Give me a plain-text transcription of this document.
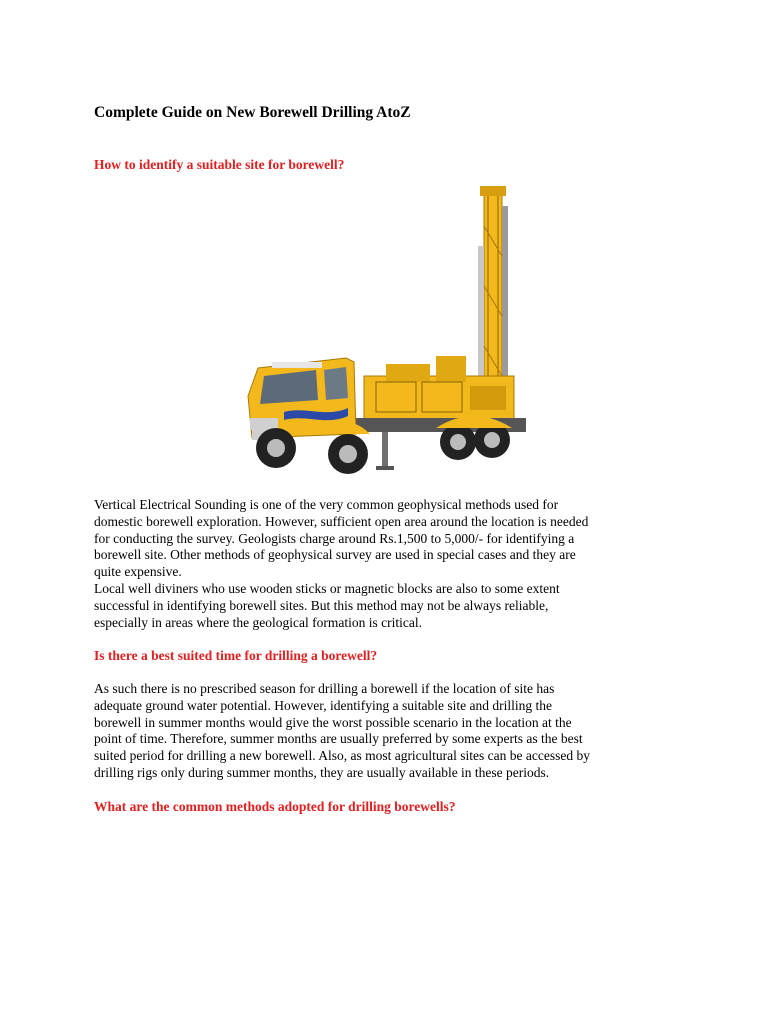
Complete Guide on New Borewell Drilling AtoZ
How to identify a suitable site for borewell?
Vertical Electrical Sounding is one of the very common geophysical methods used for
domestic borewell exploration. However, sufficient open area around the location is needed
for conducting the survey. Geologists charge around Rs.1,500 to 5,000/- for identifying a
borewell site. Other methods of geophysical survey are used in special cases and they are
quite expensive.
Local well diviners who use wooden sticks or magnetic blocks are also to some extent
successful in identifying borewell sites. But this method may not be always reliable,
especially in areas where the geological formation is critical.
Is there a best suited time for drilling a borewell?
As such there is no prescribed season for drilling a borewell if the location of site has
adequate ground water potential. However, identifying a suitable site and drilling the
borewell in summer months would give the worst possible scenario in the location at the
point of time. Therefore, summer months are usually preferred by some experts as the best
suited period for drilling a new borewell. Also, as most agricultural sites can be accessed by
drilling rigs only during summer months, they are usually available in these periods.
What are the common methods adopted for drilling borewells?
